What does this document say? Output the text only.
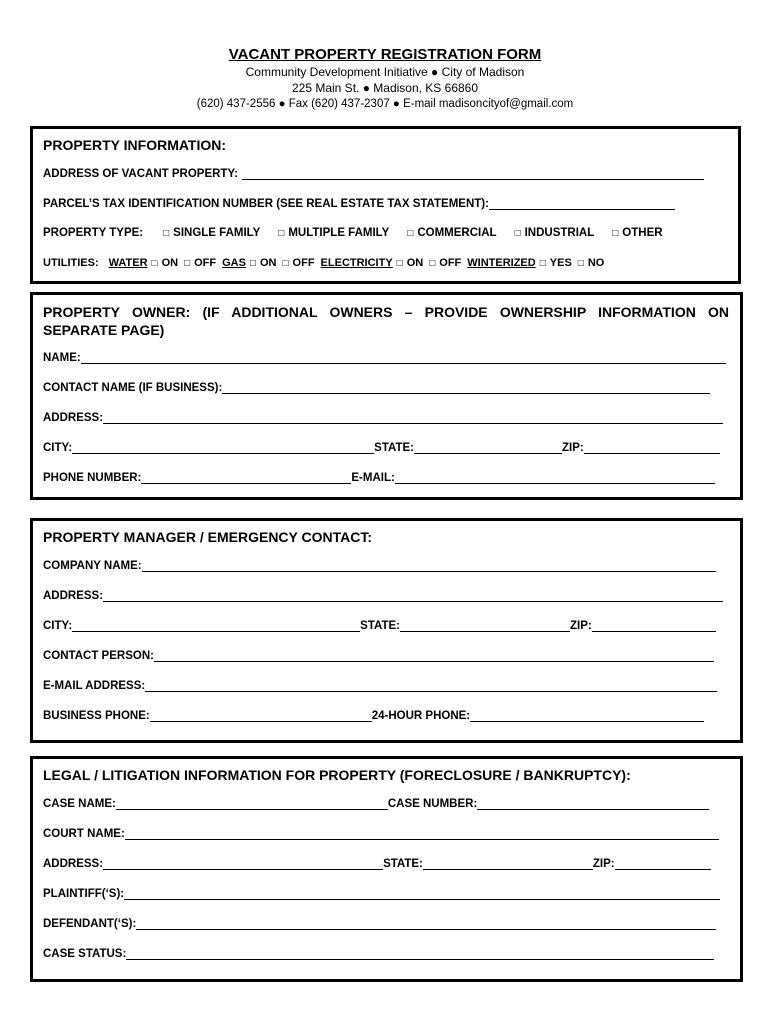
VACANT PROPERTY REGISTRATION FORM
Community Development Initiative ● City of Madison
225 Main St. ● Madison, KS 66860
(620) 437-2556 ● Fax (620) 437-2307 ● E-mail madisoncityof@gmail.com
PROPERTY INFORMATION:
ADDRESS OF VACANT PROPERTY:
PARCEL’S TAX IDENTIFICATION NUMBER (SEE REAL ESTATE TAX STATEMENT):
PROPERTY TYPE: □ SINGLE FAMILY □ MULTIPLE FAMILY □ COMMERCIAL □ INDUSTRIAL □ OTHER
UTILITIES: WATER □ ON □ OFF GAS □ ON □ OFF ELECTRICITY □ ON □ OFF WINTERIZED □ YES □ NO
PROPERTY OWNER: (IF ADDITIONAL OWNERS – PROVIDE OWNERSHIP INFORMATION ON SEPARATE PAGE)
NAME:
CONTACT NAME (IF BUSINESS):
ADDRESS:
CITY:	STATE:	ZIP:
PHONE NUMBER:	E-MAIL:
PROPERTY MANAGER / EMERGENCY CONTACT:
COMPANY NAME:
ADDRESS:
CITY:	STATE:	ZIP:
CONTACT PERSON:
E-MAIL ADDRESS:
BUSINESS PHONE:	24-HOUR PHONE:
LEGAL / LITIGATION INFORMATION FOR PROPERTY (FORECLOSURE / BANKRUPTCY):
CASE NAME:	CASE NUMBER:
COURT NAME:
ADDRESS:	STATE:	ZIP:
PLAINTIFF(‘S):
DEFENDANT(‘S):
CASE STATUS:
